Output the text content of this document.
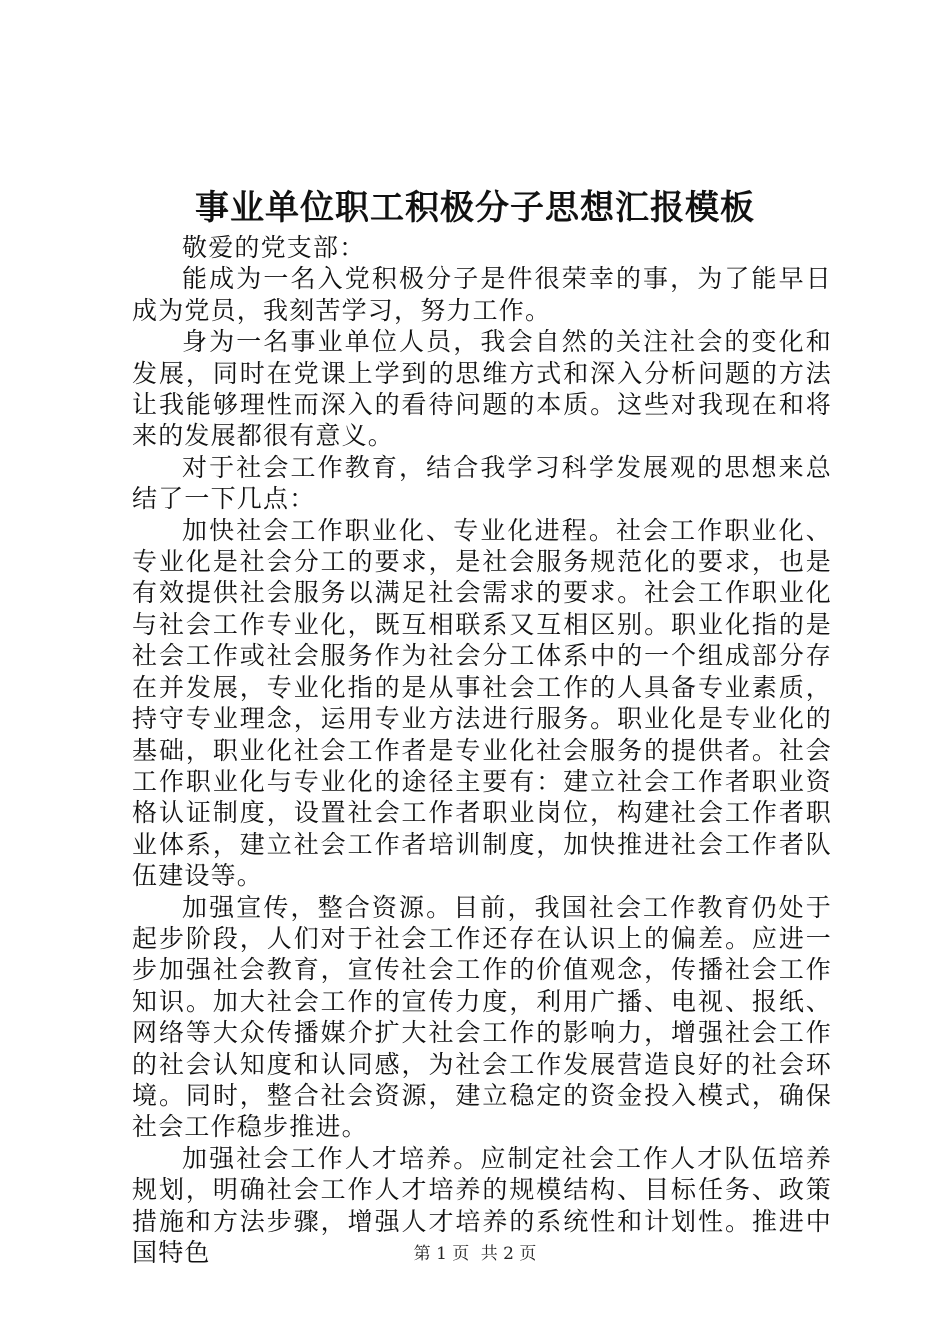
事业单位职工积极分子思想汇报模板

敬爱的党支部：

能成为一名入党积极分子是件很荣幸的事，为了能早日成为党员，我刻苦学习，努力工作。

身为一名事业单位人员，我会自然的关注社会的变化和发展，同时在党课上学到的思维方式和深入分析问题的方法让我能够理性而深入的看待问题的本质。这些对我现在和将来的发展都很有意义。

对于社会工作教育，结合我学习科学发展观的思想来总结了一下几点：

加快社会工作职业化、专业化进程。社会工作职业化、专业化是社会分工的要求，是社会服务规范化的要求，也是有效提供社会服务以满足社会需求的要求。社会工作职业化与社会工作专业化，既互相联系又互相区别。职业化指的是社会工作或社会服务作为社会分工体系中的一个组成部分存在并发展，专业化指的是从事社会工作的人具备专业素质，持守专业理念，运用专业方法进行服务。职业化是专业化的基础，职业化社会工作者是专业化社会服务的提供者。社会工作职业化与专业化的途径主要有：建立社会工作者职业资格认证制度，设置社会工作者职业岗位，构建社会工作者职业体系，建立社会工作者培训制度，加快推进社会工作者队伍建设等。

加强宣传，整合资源。目前，我国社会工作教育仍处于起步阶段，人们对于社会工作还存在认识上的偏差。应进一步加强社会教育，宣传社会工作的价值观念，传播社会工作知识。加大社会工作的宣传力度，利用广播、电视、报纸、网络等大众传播媒介扩大社会工作的影响力，增强社会工作的社会认知度和认同感，为社会工作发展营造良好的社会环境。同时，整合社会资源，建立稳定的资金投入模式，确保社会工作稳步推进。

加强社会工作人才培养。应制定社会工作人才队伍培养规划，明确社会工作人才培养的规模结构、目标任务、政策措施和方法步骤，增强人才培养的系统性和计划性。推进中国特色	第 1 页 共 2 页
